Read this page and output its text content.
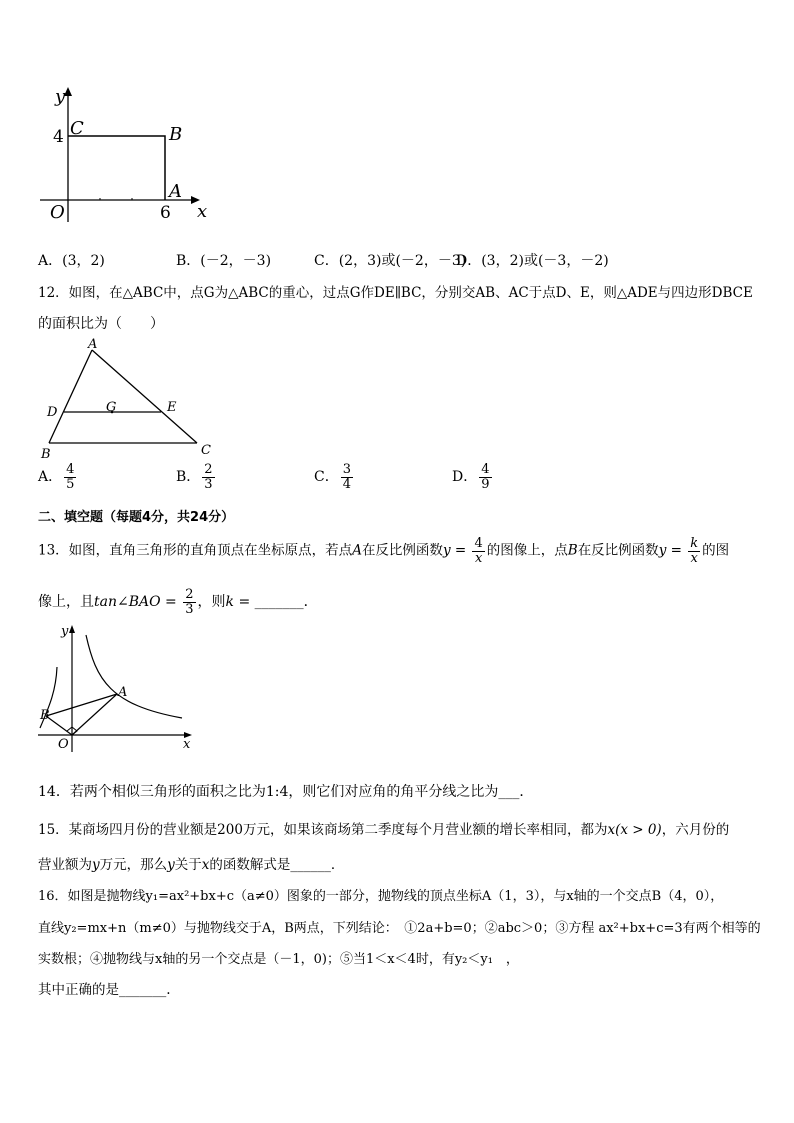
y
4 C	B
A
O	6 x
A．(3，2)	B．(－2，－3)	C．(2，3)或(－2，－3)
D．(3，2)或(－3，－2)
12．如图，在△ABC中，点G为△ABC的重心，过点G作DE∥BC，分别交AB、AC于点D、E，则△ADE与四边形DBCE
的面积比为（　　）
A
D	G	E
B	C
A． $\frac{4}{5}$	B． $\frac{2}{3}$	C． $\frac{3}{4}$	D． $\frac{4}{9}$
二、填空题（每题4分，共24分）
13．如图，直角三角形的直角顶点在坐标原点，若点A在反比例函数$y = \frac{4}{x}$ 的图像上，点B在反比例函数$y = \frac{k}{x}$ 的图
像上，且tan∠BAO = $\frac{2}{3}$ ，则k = _______．
y
A
B
O	x
14．若两个相似三角形的面积之比为1:4，则它们对应角的角平分线之比为___．
15．某商场四月份的营业额是200万元，如果该商场第二季度每个月营业额的增长率相同，都为x(x > 0)，六月份的
营业额为y万元，那么y关于x的函数解式是______．
16．如图是抛物线y₁=ax²+bx+c（a≠0）图象的一部分，抛物线的顶点坐标A（1，3），与x轴的一个交点B（4，0），
直线y₂=mx+n（m≠0）与抛物线交于A，B两点，下列结论：　①2a+b=0；②abc＞0；③方程 ax²+bx+c=3有两个相等的
实数根；④抛物线与x轴的另一个交点是（－1，0)；⑤当1＜x＜4时，有y₂＜y₁　，
其中正确的是_______.
